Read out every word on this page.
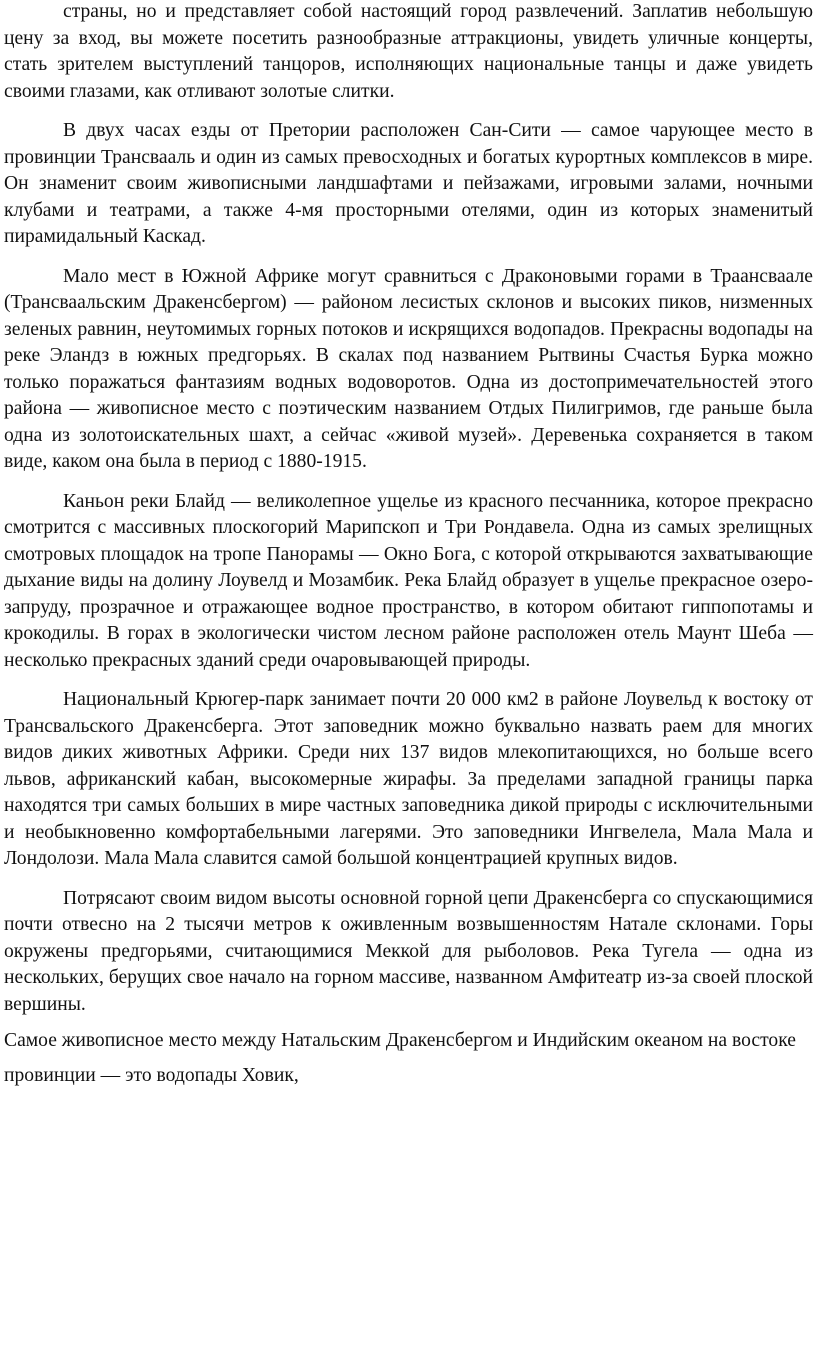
страны, но и представляет собой настоящий город развлечений. Заплатив небольшую цену за вход, вы можете посетить разнообразные аттракционы, увидеть уличные концерты, стать зрителем выступлений танцоров, исполняющих национальные танцы и даже увидеть своими глазами, как отливают золотые слитки.

В двух часах езды от Претории расположен Сан-Сити — самое чарующее место в провинции Трансвааль и один из самых превосходных и богатых курортных комплексов в мире. Он знаменит своим живописными ландшафтами и пейзажами, игровыми залами, ночными клубами и театрами, а также 4-мя просторными отелями, один из которых знаменитый пирамидальный Каскад.

Мало мест в Южной Африке могут сравниться с Драконовыми горами в Траансваале (Трансваальским Дракенсбергом) — районом лесистых склонов и высоких пиков, низменных зеленых равнин, неутомимых горных потоков и искрящихся водопадов. Прекрасны водопады на реке Эландз в южных предгорьях. В скалах под названием Рытвины Счастья Бурка можно только поражаться фантазиям водных водоворотов. Одна из достопримечательностей этого района — живописное место с поэтическим названием Отдых Пилигримов, где раньше была одна из золотоискательных шахт, а сейчас «живой музей». Деревенька сохраняется в таком виде, каком она была в период с 1880-1915.

Каньон реки Блайд — великолепное ущелье из красного песчанника, которое прекрасно смотрится с массивных плоскогорий Марипскоп и Три Рондавела. Одна из самых зрелищных смотровых площадок на тропе Панорамы — Окно Бога, с которой открываются захватывающие дыхание виды на долину Лоувелд и Мозамбик. Река Блайд образует в ущелье прекрасное озеро-запруду, прозрачное и отражающее водное пространство, в котором обитают гиппопотамы и крокодилы. В горах в экологически чистом лесном районе расположен отель Маунт Шеба — несколько прекрасных зданий среди очаровывающей природы.

Национальный Крюгер-парк занимает почти 20 000 км2 в районе Лоувельд к востоку от Трансвальского Дракенсберга. Этот заповедник можно буквально назвать раем для многих видов диких животных Африки. Среди них 137 видов млекопитающихся, но больше всего львов, африканский кабан, высокомерные жирафы. За пределами западной границы парка находятся три самых больших в мире частных заповедника дикой природы с исключительными и необыкновенно комфортабельными лагерями. Это заповедники Ингвелела, Мала Мала и Лондолози. Мала Мала славится самой большой концентрацией крупных видов.

Потрясают своим видом высоты основной горной цепи Дракенсберга со спускающимися почти отвесно на 2 тысячи метров к оживленным возвышенностям Натале склонами. Горы окружены предгорьями, считающимися Меккой для рыболовов. Река Тугела — одна из нескольких, берущих свое начало на горном массиве, названном Амфитеатр из-за своей плоской вершины.

Самое живописное место между Натальским Дракенсбергом и Индийским океаном на востоке провинции — это водопады Ховик,
